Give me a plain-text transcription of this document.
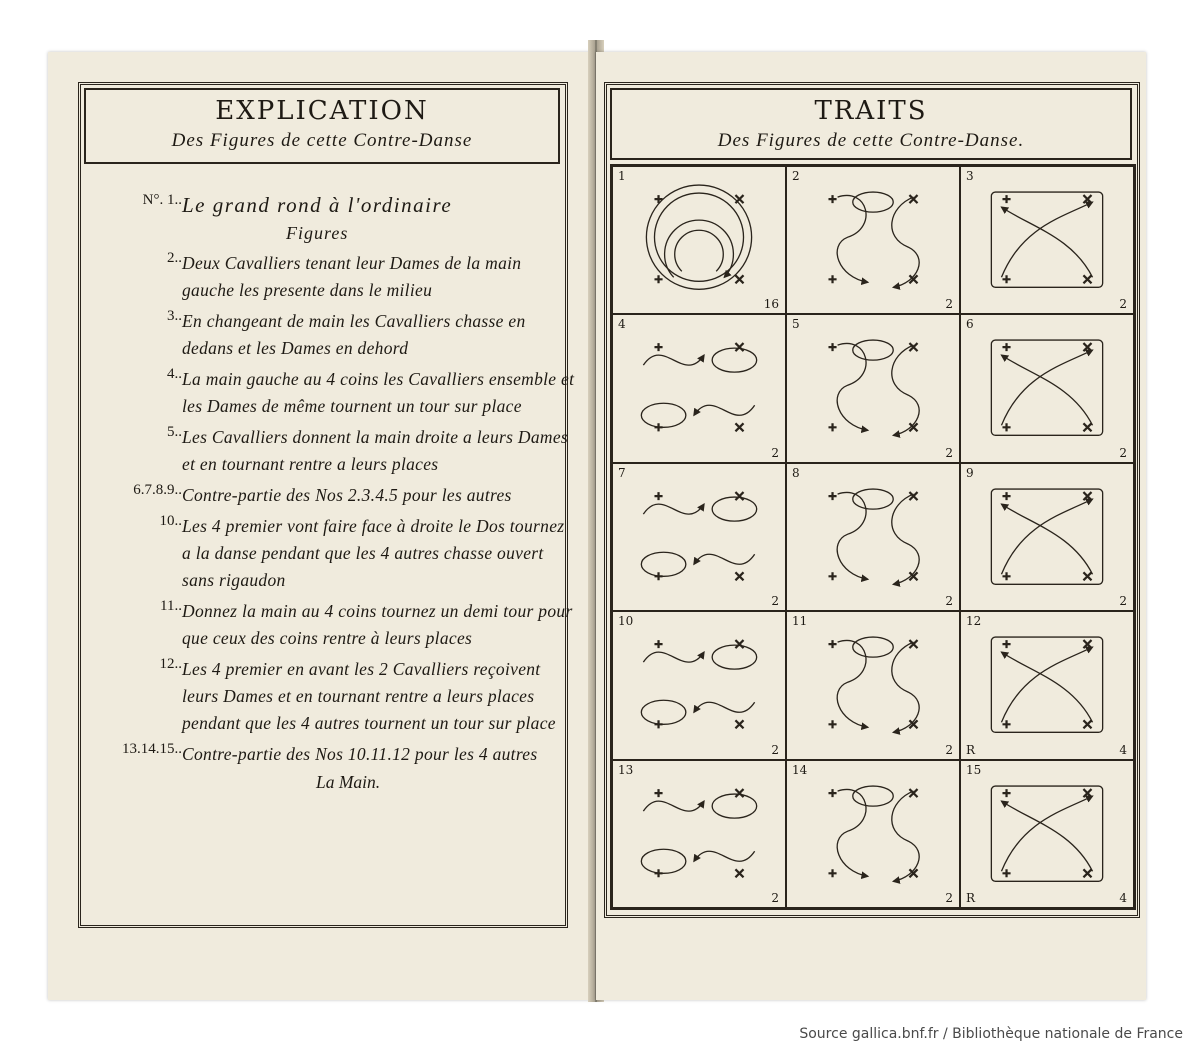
EXPLICATION
Des Figures de cette Contre-Danse
N°. 1.. Le grand rond à l'ordinaire
Figures
2.. Deux Cavalliers tenant leur Dames de la main gauche les presente dans le milieu
3.. En changeant de main les Cavalliers chasse en dedans et les Dames en dehord
4.. La main gauche au 4 coins les Cavalliers ensemble et les Dames de même tournent un tour sur place
5.. Les Cavalliers donnent la main droite a leurs Dames et en tournant rentre a leurs places
6.7.8.9.. Contre-partie des Nos 2.3.4.5 pour les autres
10.. Les 4 premier vont faire face à droite le Dos tournez a la danse pendant que les 4 autres chasse ouvert sans rigaudon
11.. Donnez la main au 4 coins tournez un demi tour pour que ceux des coins rentre à leurs places
12.. Les 4 premier en avant les 2 Cavalliers reçoivent leurs Dames et en tournant rentre a leurs places pendant que les 4 autres tournent un tour sur place
13.14.15.. Contre-partie des Nos 10.11.12 pour les 4 autres
La Main.
TRAITS
Des Figures de cette Contre-Danse.
1
16
2
2
3
2
4
2
5
2
6
2
7
2
8
2
9
2
10
2
11
2
12
4
R
13
2
14
2
15
4
R
Source gallica.bnf.fr / Bibliothèque nationale de France
